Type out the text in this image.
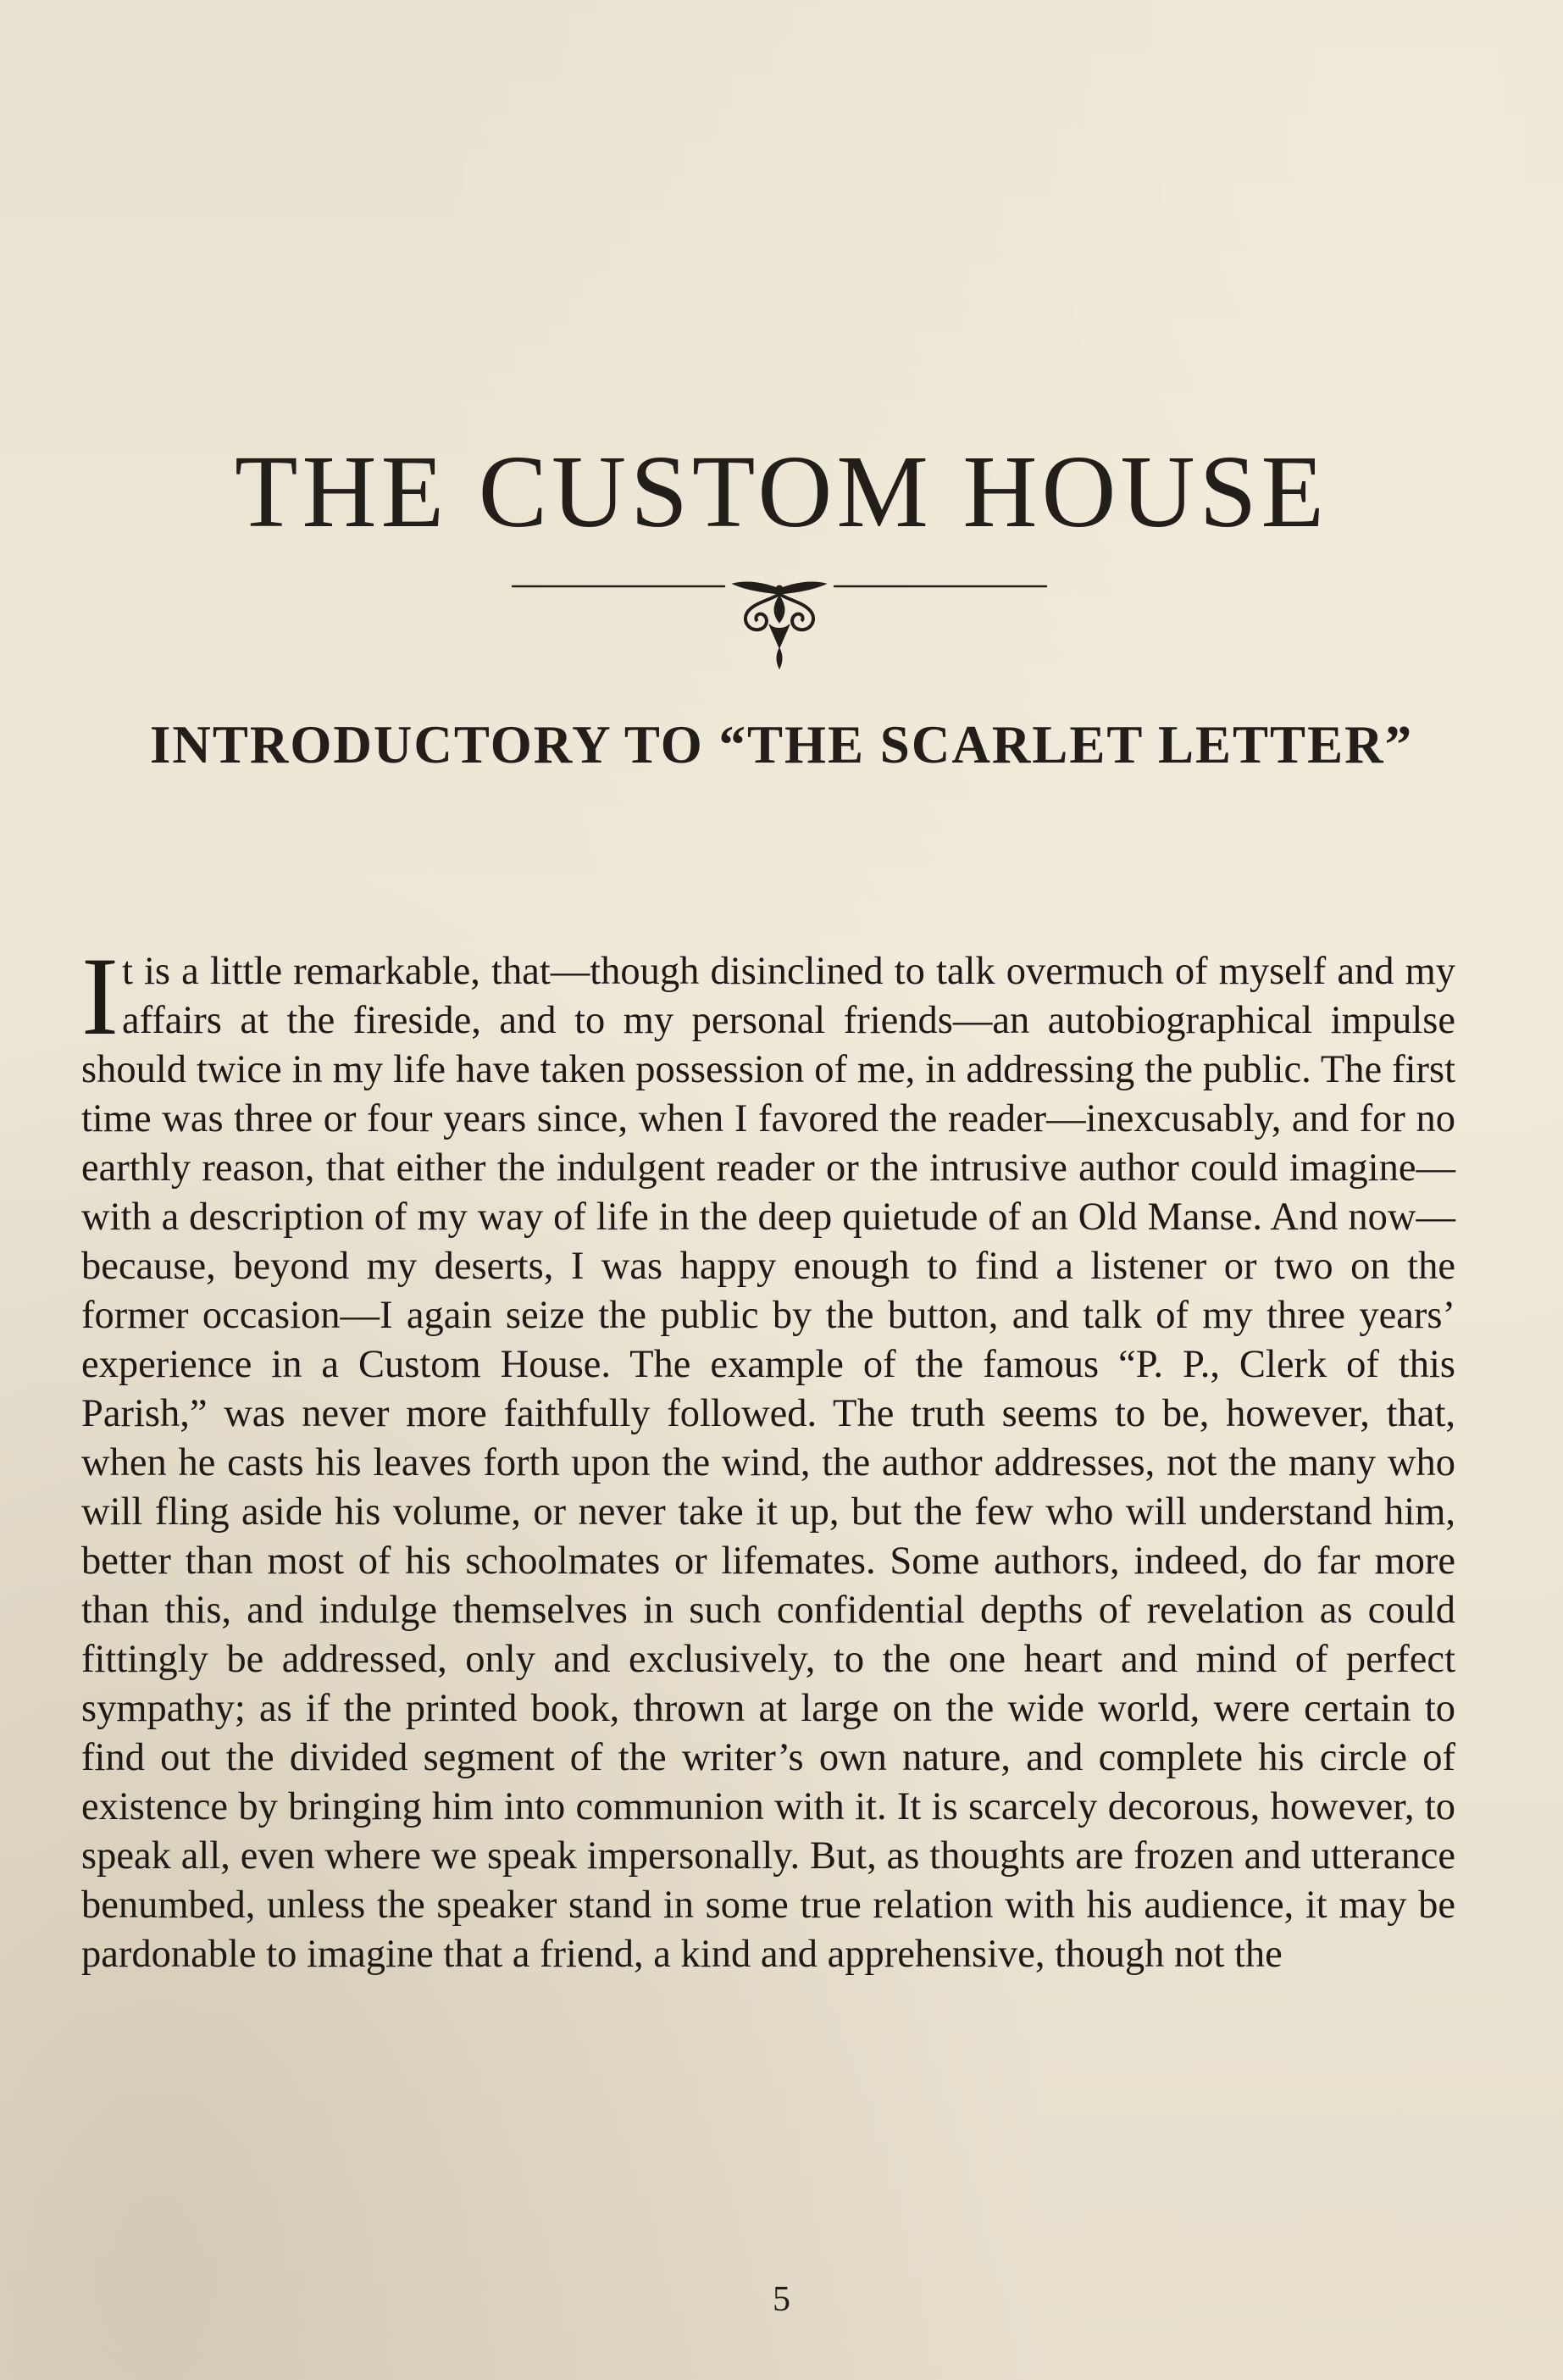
THE CUSTOM HOUSE
INTRODUCTORY TO “THE SCARLET LETTER”

It is a little remarkable, that—though disinclined to talk overmuch of myself and my affairs at the fireside, and to my personal friends—an autobiographical impulse should twice in my life have taken possession of me, in addressing the public. The first time was three or four years since, when I favored the reader—inexcusably, and for no earthly reason, that either the indulgent reader or the intrusive author could imagine—with a description of my way of life in the deep quietude of an Old Manse. And now—because, beyond my deserts, I was happy enough to find a listener or two on the former occasion—I again seize the public by the button, and talk of my three years’ experience in a Custom House. The example of the famous “P. P., Clerk of this Parish,” was never more faithfully followed. The truth seems to be, however, that, when he casts his leaves forth upon the wind, the author addresses, not the many who will fling aside his volume, or never take it up, but the few who will understand him, better than most of his schoolmates or lifemates. Some authors, indeed, do far more than this, and indulge themselves in such confidential depths of revelation as could fittingly be addressed, only and exclusively, to the one heart and mind of perfect sympathy; as if the printed book, thrown at large on the wide world, were certain to find out the divided segment of the writer’s own nature, and complete his circle of existence by bringing him into communion with it. It is scarcely decorous, however, to speak all, even where we speak impersonally. But, as thoughts are frozen and utterance benumbed, unless the speaker stand in some true relation with his audience, it may be pardonable to imagine that a friend, a kind and apprehensive, though not the

5
